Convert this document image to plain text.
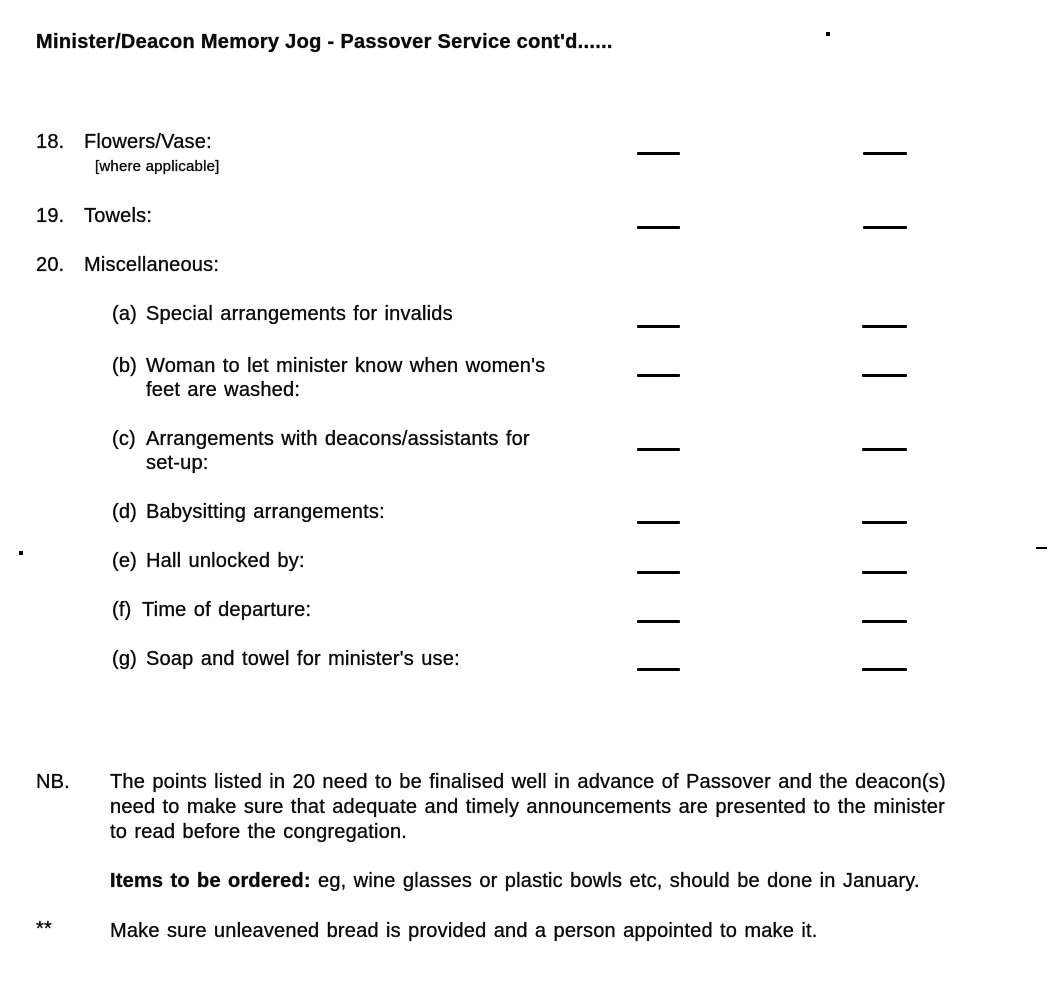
Minister/Deacon Memory Jog - Passover Service cont'd......
18. Flowers/Vase:
[where applicable]
19. Towels:
20. Miscellaneous:
(a) Special arrangements for invalids
(b) Woman to let minister know when women's
feet are washed:
(c) Arrangements with deacons/assistants for
set-up:
(d) Babysitting arrangements:
(e) Hall unlocked by:
(f) Time of departure:
(g) Soap and towel for minister's use:
NB. The points listed in 20 need to be finalised well in advance of Passover and the deacon(s)
need to make sure that adequate and timely announcements are presented to the minister
to read before the congregation.
Items to be ordered: eg, wine glasses or plastic bowls etc, should be done in January.
**	Make sure unleavened bread is provided and a person appointed to make it.
